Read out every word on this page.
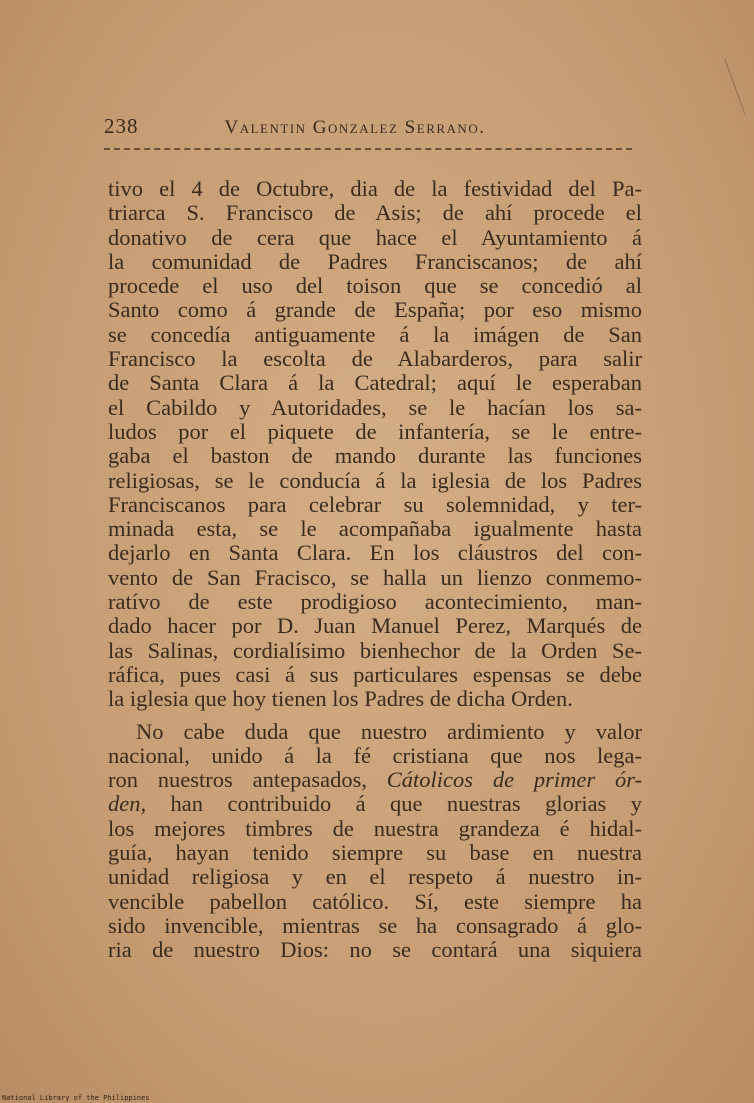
238	Valentin Gonzalez Serrano.

tivo el 4 de Octubre, dia de la festividad del Pa-
triarca S. Francisco de Asis; de ahí procede el
donativo de cera que hace el Ayuntamiento á
la comunidad de Padres Franciscanos; de ahí
procede el uso del toison que se concedió al
Santo como á grande de España; por eso mismo
se concedía antiguamente á la imágen de San
Francisco la escolta de Alabarderos, para salir
de Santa Clara á la Catedral; aquí le esperaban
el Cabildo y Autoridades, se le hacían los sa-
ludos por el piquete de infantería, se le entre-
gaba el baston de mando durante las funciones
religiosas, se le conducía á la iglesia de los Padres
Franciscanos para celebrar su solemnidad, y ter-
minada esta, se le acompañaba igualmente hasta
dejarlo en Santa Clara. En los cláustros del con-
vento de San Fracisco, se halla un lienzo conmemo-
ratívo de este prodigioso acontecimiento, man-
dado hacer por D. Juan Manuel Perez, Marqués de
las Salinas, cordialísimo bienhechor de la Orden Se-
ráfica, pues casi á sus particulares espensas se debe
la iglesia que hoy tienen los Padres de dicha Orden.

No cabe duda que nuestro ardimiento y valor
nacional, unido á la fé cristiana que nos lega-
ron nuestros antepasados, Cátolicos de primer ór-
den, han contribuido á que nuestras glorias y
los mejores timbres de nuestra grandeza é hidal-
guía, hayan tenido siempre su base en nuestra
unidad religiosa y en el respeto á nuestro in-
vencible pabellon católico. Sí, este siempre ha
sido invencible, mientras se ha consagrado á glo-
ria de nuestro Dios: no se contará una siquiera

National Library of the Philippines
